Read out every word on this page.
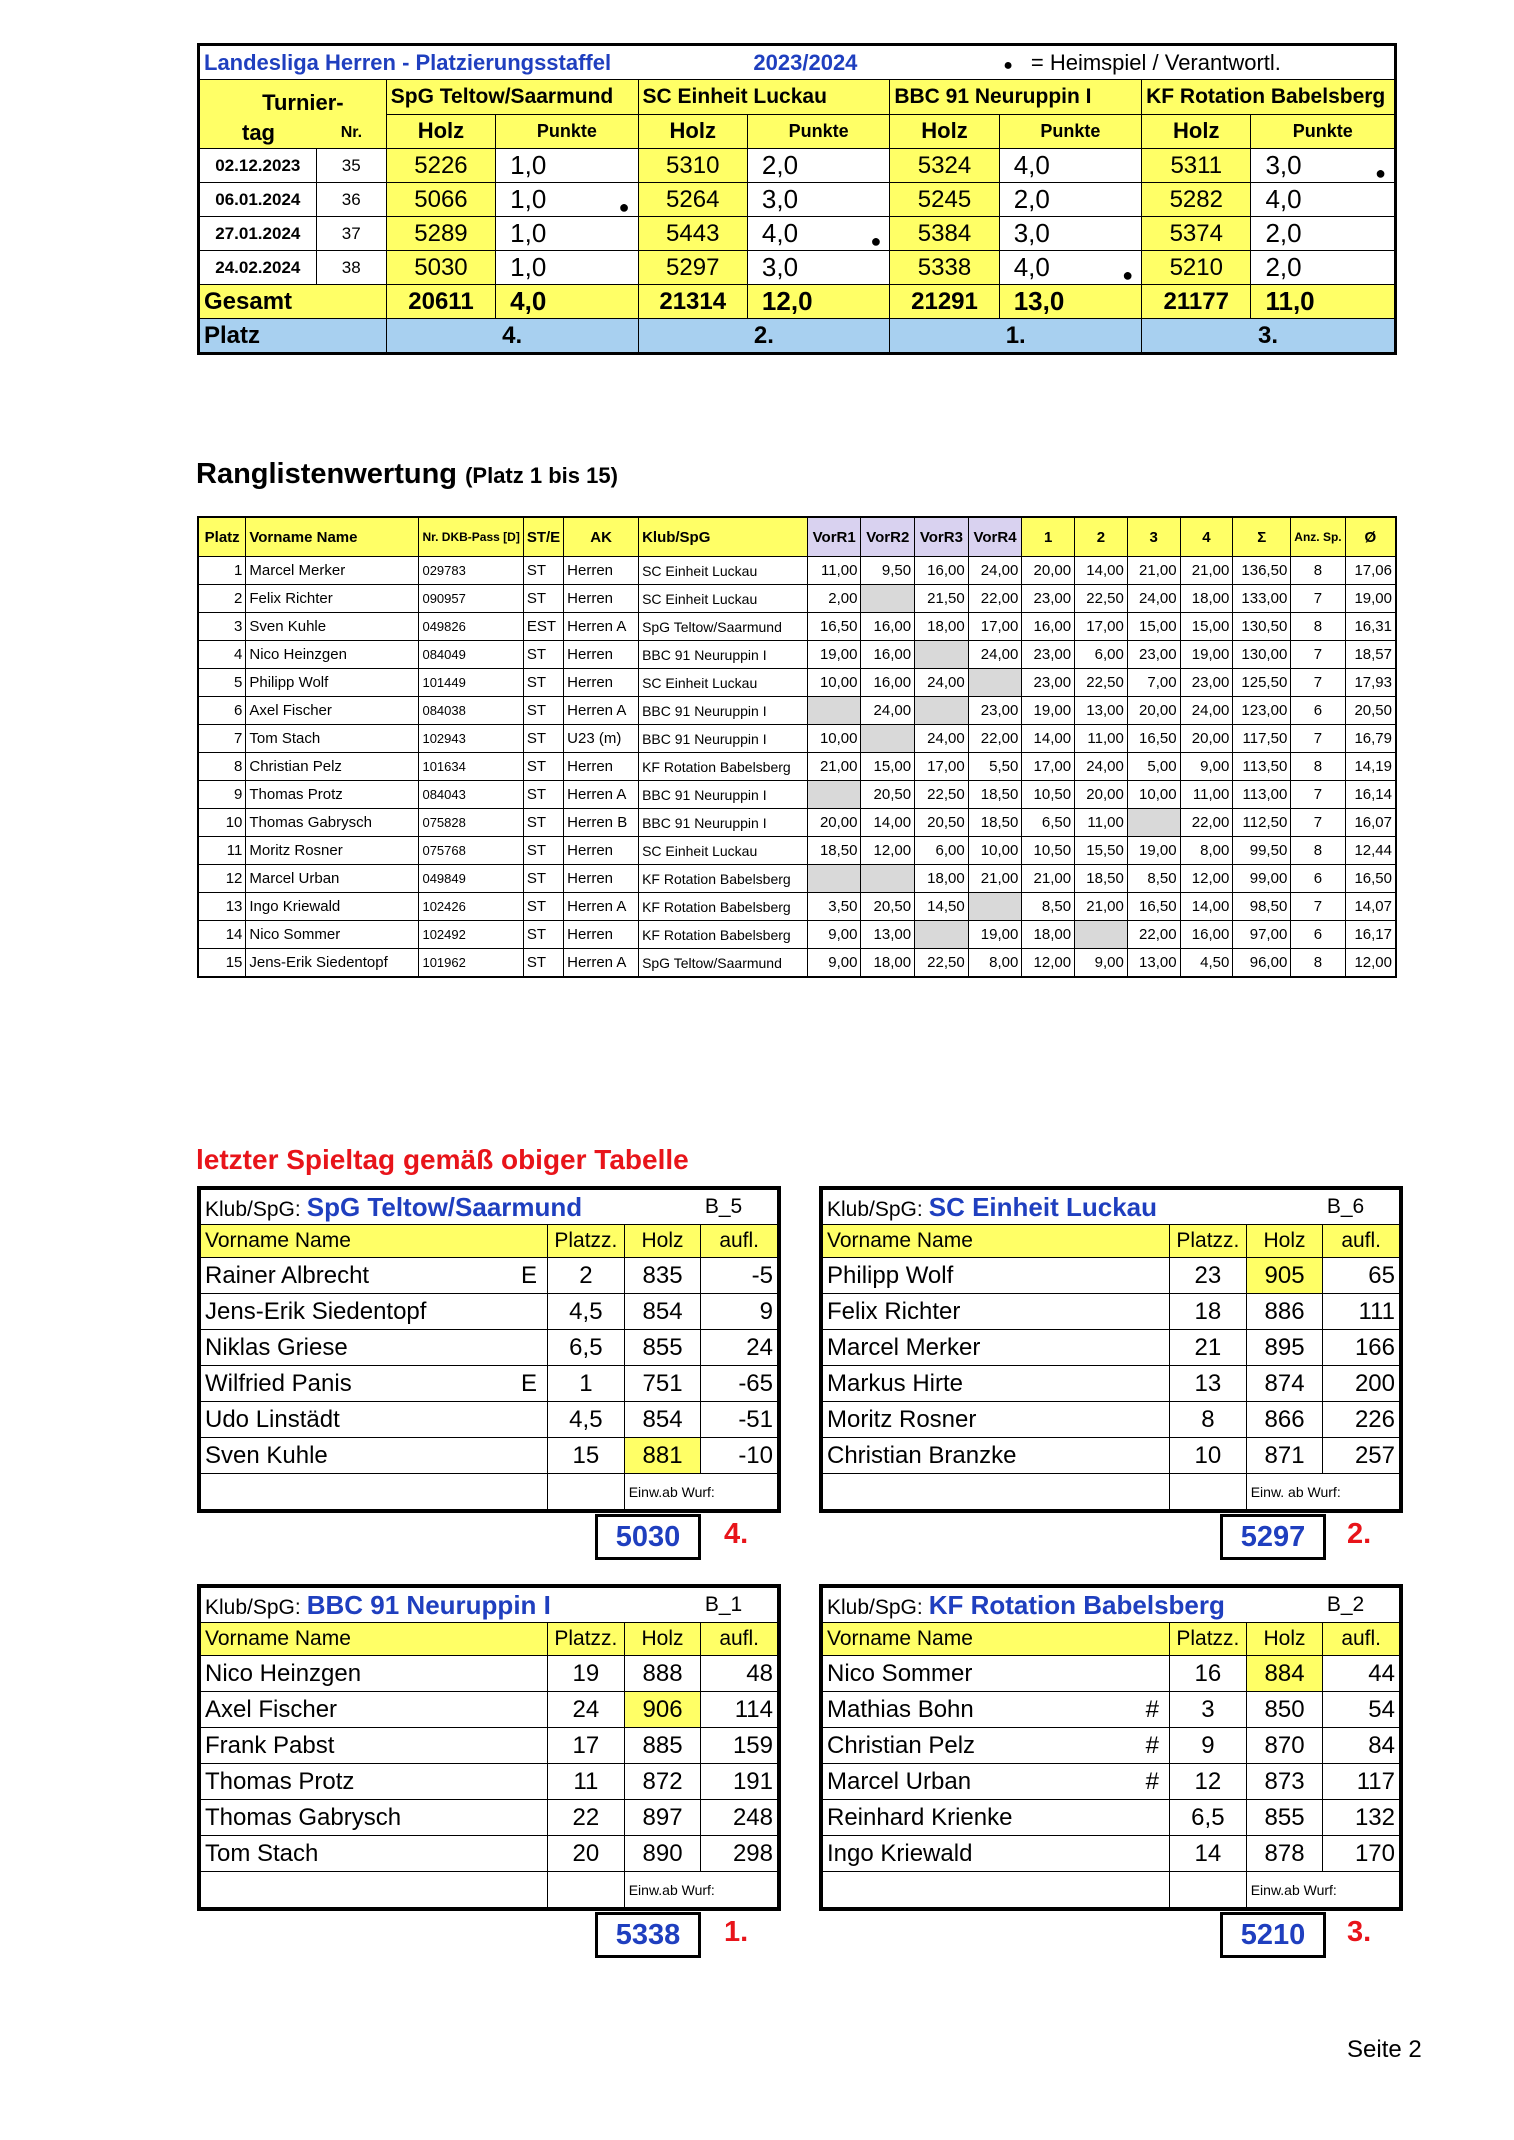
Landesliga Herren - Platzierungsstaffel					2023/2024		● = Heimspiel / Verantwortl.		

Turnier-
tag Nr.		SpG Teltow/Saarmund		SC Einheit Luckau		BBC 91 Neuruppin I		KF Rotation Babelsberg	
		Holz	Punkte	Holz	Punkte	Holz	Punkte	Holz	Punkte
02.12.2023	35	5226	1,0	5310	2,0	5324	4,0	5311	3,0 ●

06.01.2024	36	5066	1,0 ●	5264	3,0	5245	2,0	5282	4,0
27.01.2024	37	5289	1,0	5443	4,0 ●	5384	3,0	5374	2,0
24.02.2024	38	5030	1,0	5297	3,0	5338	4,0 ●	5210	2,0
Gesamt		20611	4,0	21314	12,0	21291	13,0	21177	11,0
Platz		4.		2.		1.		3.	
Ranglistenwertung (Platz 1 bis 15)
Platz	Vorname Name	Nr. DKB-Pass [D]	ST/E	AK	Klub/SpG	VorR1	VorR2	VorR3	VorR4	1	2	3	4	Σ	Anz. Sp.	Ø
1	Marcel Merker	029783	ST	Herren	SC Einheit Luckau	11,00	9,50	16,00	24,00	20,00	14,00	21,00	21,00	136,50	8	17,06
2	Felix Richter	090957	ST	Herren	SC Einheit Luckau	2,00		21,50	22,00	23,00	22,50	24,00	18,00	133,00	7	19,00
3	Sven Kuhle	049826	EST	Herren A	SpG Teltow/Saarmund	16,50	16,00	18,00	17,00	16,00	17,00	15,00	15,00	130,50	8	16,31
4	Nico Heinzgen	084049	ST	Herren	BBC 91 Neuruppin I	19,00	16,00		24,00	23,00	6,00	23,00	19,00	130,00	7	18,57
5	Philipp Wolf	101449	ST	Herren	SC Einheit Luckau	10,00	16,00	24,00		23,00	22,50	7,00	23,00	125,50	7	17,93
6	Axel Fischer	084038	ST	Herren A	BBC 91 Neuruppin I		24,00		23,00	19,00	13,00	20,00	24,00	123,00	6	20,50
7	Tom Stach	102943	ST	U23 (m)	BBC 91 Neuruppin I	10,00		24,00	22,00	14,00	11,00	16,50	20,00	117,50	7	16,79
8	Christian Pelz	101634	ST	Herren	KF Rotation Babelsberg	21,00	15,00	17,00	5,50	17,00	24,00	5,00	9,00	113,50	8	14,19
9	Thomas Protz	084043	ST	Herren A	BBC 91 Neuruppin I		20,50	22,50	18,50	10,50	20,00	10,00	11,00	113,00	7	16,14
10	Thomas Gabrysch	075828	ST	Herren B	BBC 91 Neuruppin I	20,00	14,00	20,50	18,50	6,50	11,00		22,00	112,50	7	16,07
11	Moritz Rosner	075768	ST	Herren	SC Einheit Luckau	18,50	12,00	6,00	10,00	10,50	15,50	19,00	8,00	99,50	8	12,44
12	Marcel Urban	049849	ST	Herren	KF Rotation Babelsberg			18,00	21,00	21,00	18,50	8,50	12,00	99,00	6	16,50
13	Ingo Kriewald	102426	ST	Herren A	KF Rotation Babelsberg	3,50	20,50	14,50		8,50	21,00	16,50	14,00	98,50	7	14,07
14	Nico Sommer	102492	ST	Herren	KF Rotation Babelsberg	9,00	13,00		19,00	18,00		22,00	16,00	97,00	6	16,17
15	Jens-Erik Siedentopf	101962	ST	Herren A	SpG Teltow/Saarmund	9,00	18,00	22,50	8,00	12,00	9,00	13,00	4,50	96,00	8	12,00
letzter Spieltag gemäß obiger Tabelle
Klub/SpG: SpG Teltow/Saarmund			B_5
Vorname Name	Platzz.	Holz	aufl.
Rainer Albrecht E	2	835	-5
Jens-Erik Siedentopf	4,5	854	9
Niklas Griese	6,5	855	24
Wilfried Panis E	1	751	-65
Udo Linstädt	4,5	854	-51
Sven Kuhle	15	881	-10
		Einw.ab Wurf:	
Klub/SpG: SC Einheit Luckau			B_6
Vorname Name	Platzz.	Holz	aufl.
Philipp Wolf	23	905	65
Felix Richter	18	886	111
Marcel Merker	21	895	166
Markus Hirte	13	874	200
Moritz Rosner	8	866	226
Christian Branzke	10	871	257
		Einw. ab Wurf:	
Klub/SpG: BBC 91 Neuruppin I			B_1
Vorname Name	Platzz.	Holz	aufl.
Nico Heinzgen	19	888	48
Axel Fischer	24	906	114
Frank Pabst	17	885	159
Thomas Protz	11	872	191
Thomas Gabrysch	22	897	248
Tom Stach	20	890	298
		Einw.ab Wurf:	
Klub/SpG: KF Rotation Babelsberg			B_2
Vorname Name	Platzz.	Holz	aufl.
Nico Sommer	16	884	44
Mathias Bohn #	3	850	54
Christian Pelz #	9	870	84
Marcel Urban #	12	873	117
Reinhard Krienke	6,5	855	132
Ingo Kriewald	14	878	170
		Einw.ab Wurf:	
5030	4.	5297	2.
5338	1.	5210	3.
Seite 2
